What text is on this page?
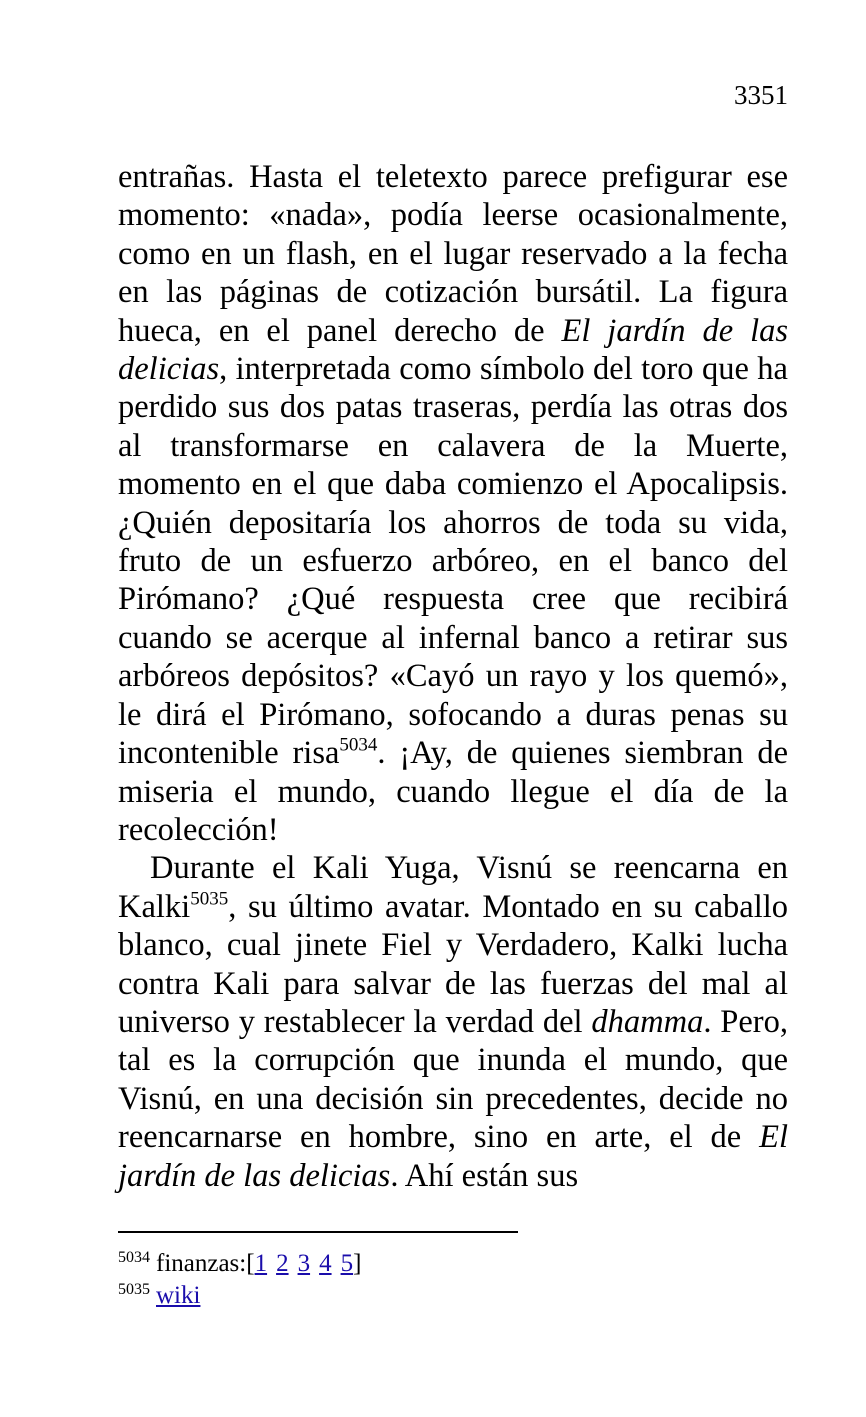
3351

entrañas. Hasta el teletexto parece prefigurar ese momento: «nada», podía leerse ocasionalmente, como en un flash, en el lugar reservado a la fecha en las páginas de cotización bursátil. La figura hueca, en el panel derecho de El jardín de las delicias, interpretada como símbolo del toro que ha perdido sus dos patas traseras, perdía las otras dos al transformarse en calavera de la Muerte, momento en el que daba comienzo el Apocalipsis. ¿Quién depositaría los ahorros de toda su vida, fruto de un esfuerzo arbóreo, en el banco del Pirómano? ¿Qué respuesta cree que recibirá cuando se acerque al infernal banco a retirar sus arbóreos depósitos? «Cayó un rayo y los quemó», le dirá el Pirómano, sofocando a duras penas su incontenible risa$^{5034}$. ¡Ay, de quienes siembran de miseria el mundo, cuando llegue el día de la recolección!

Durante el Kali Yuga, Visnú se reencarna en Kalki$^{5035}$, su último avatar. Montado en su caballo blanco, cual jinete Fiel y Verdadero, Kalki lucha contra Kali para salvar de las fuerzas del mal al universo y restablecer la verdad del dhamma. Pero, tal es la corrupción que inunda el mundo, que Visnú, en una decisión sin precedentes, decide no reencarnarse en hombre, sino en arte, el de El jardín de las delicias. Ahí están sus

$^{5034}$ finanzas:[1 2 3 4 5]
$^{5035}$ wiki
